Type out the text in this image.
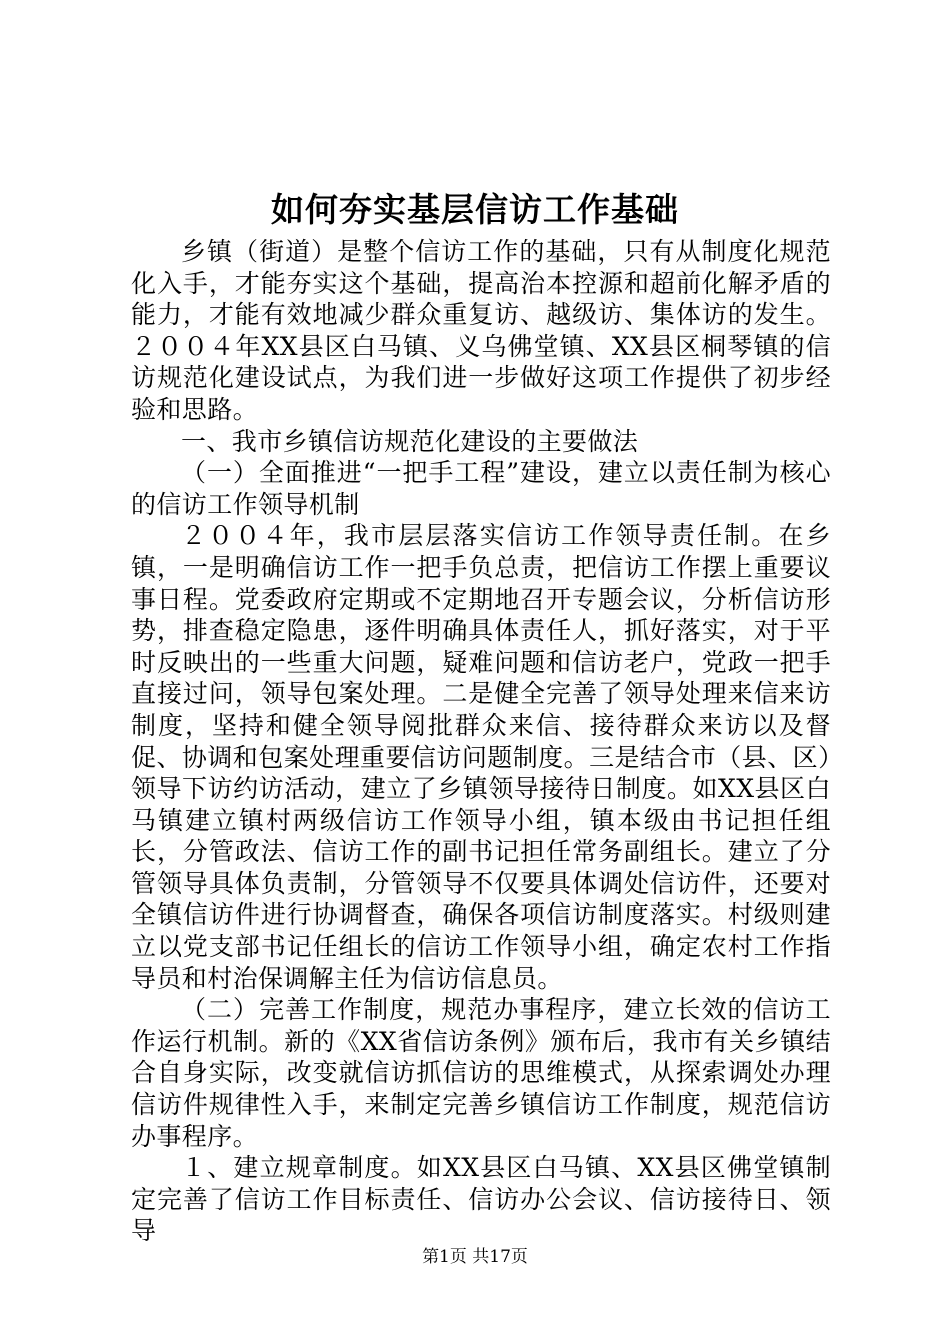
如何夯实基层信访工作基础

乡镇（街道）是整个信访工作的基础，只有从制度化规范化入手，才能夯实这个基础，提高治本控源和超前化解矛盾的能力，才能有效地减少群众重复访、越级访、集体访的发生。２００４年XX县区白马镇、义乌佛堂镇、XX县区桐琴镇的信访规范化建设试点，为我们进一步做好这项工作提供了初步经验和思路。

一、我市乡镇信访规范化建设的主要做法

（一）全面推进“一把手工程”建设，建立以责任制为核心的信访工作领导机制

２００４年，我市层层落实信访工作领导责任制。在乡镇，一是明确信访工作一把手负总责，把信访工作摆上重要议事日程。党委政府定期或不定期地召开专题会议，分析信访形势，排查稳定隐患，逐件明确具体责任人，抓好落实，对于平时反映出的一些重大问题，疑难问题和信访老户，党政一把手直接过问，领导包案处理。二是健全完善了领导处理来信来访制度，坚持和健全领导阅批群众来信、接待群众来访以及督促、协调和包案处理重要信访问题制度。三是结合市（县、区）领导下访约访活动，建立了乡镇领导接待日制度。如XX县区白马镇建立镇村两级信访工作领导小组，镇本级由书记担任组长，分管政法、信访工作的副书记担任常务副组长。建立了分管领导具体负责制，分管领导不仅要具体调处信访件，还要对全镇信访件进行协调督查，确保各项信访制度落实。村级则建立以党支部书记任组长的信访工作领导小组，确定农村工作指导员和村治保调解主任为信访信息员。

（二）完善工作制度，规范办事程序，建立长效的信访工作运行机制。新的《XX省信访条例》颁布后，我市有关乡镇结合自身实际，改变就信访抓信访的思维模式，从探索调处办理信访件规律性入手，来制定完善乡镇信访工作制度，规范信访办事程序。

１、建立规章制度。如XX县区白马镇、XX县区佛堂镇制定完善了信访工作目标责任、信访办公会议、信访接待日、领导

第1页 共17页
